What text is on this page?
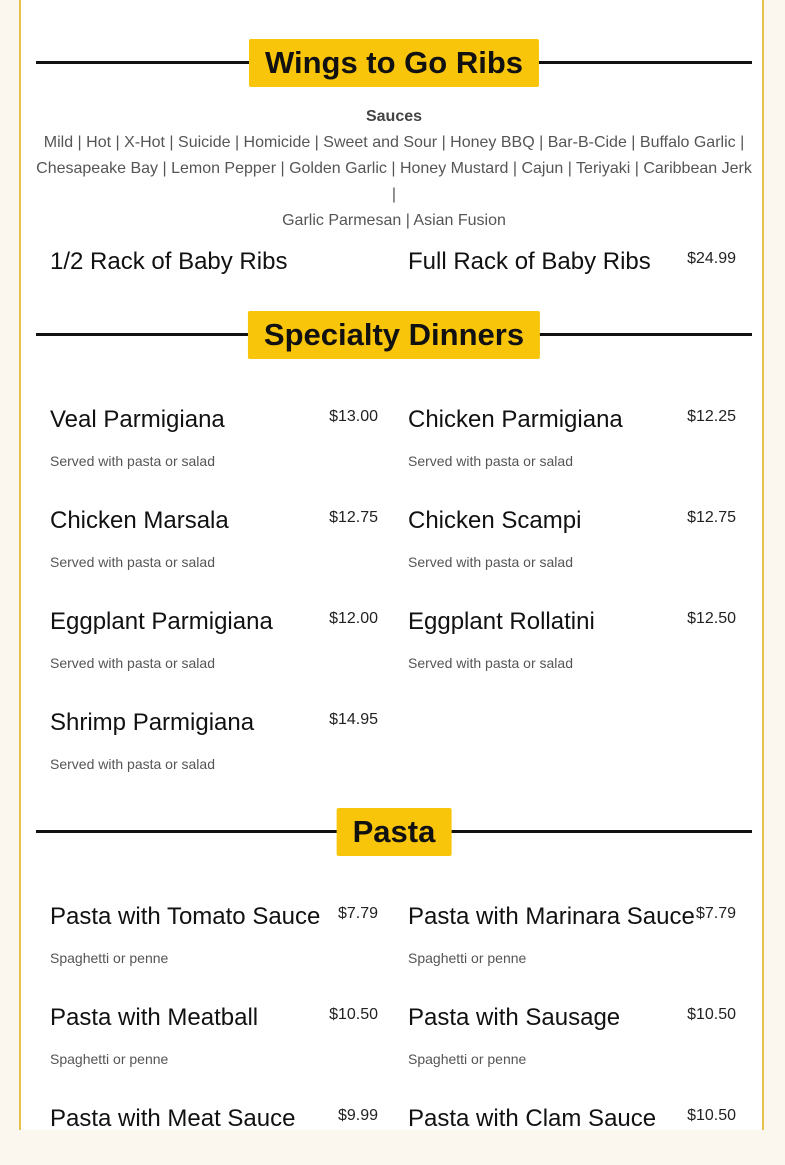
Wings to Go Ribs
Sauces
Mild | Hot | X-Hot | Suicide | Homicide | Sweet and Sour | Honey BBQ | Bar-B-Cide | Buffalo Garlic |
Chesapeake Bay | Lemon Pepper | Golden Garlic | Honey Mustard | Cajun | Teriyaki | Caribbean Jerk |
Garlic Parmesan | Asian Fusion
1/2 Rack of Baby Ribs	Full Rack of Baby Ribs $24.99
Specialty Dinners
Veal Parmigiana	$13.00
Served with pasta or salad
Chicken Parmigiana	$12.25
Served with pasta or salad
Chicken Marsala	$12.75
Served with pasta or salad
Chicken Scampi	$12.75
Served with pasta or salad
Eggplant Parmigiana	$12.00
Served with pasta or salad
Eggplant Rollatini	$12.50
Served with pasta or salad
Shrimp Parmigiana	$14.95
Served with pasta or salad
Pasta
Pasta with Tomato Sauce $7.79
Spaghetti or penne
Pasta with Marinara Sauce $7.79
Spaghetti or penne
Pasta with Meatball	$10.50
Spaghetti or penne
Pasta with Sausage	$10.50
Spaghetti or penne
Pasta with Meat Sauce	$9.99 Pasta with Clam Sauce $10.50
